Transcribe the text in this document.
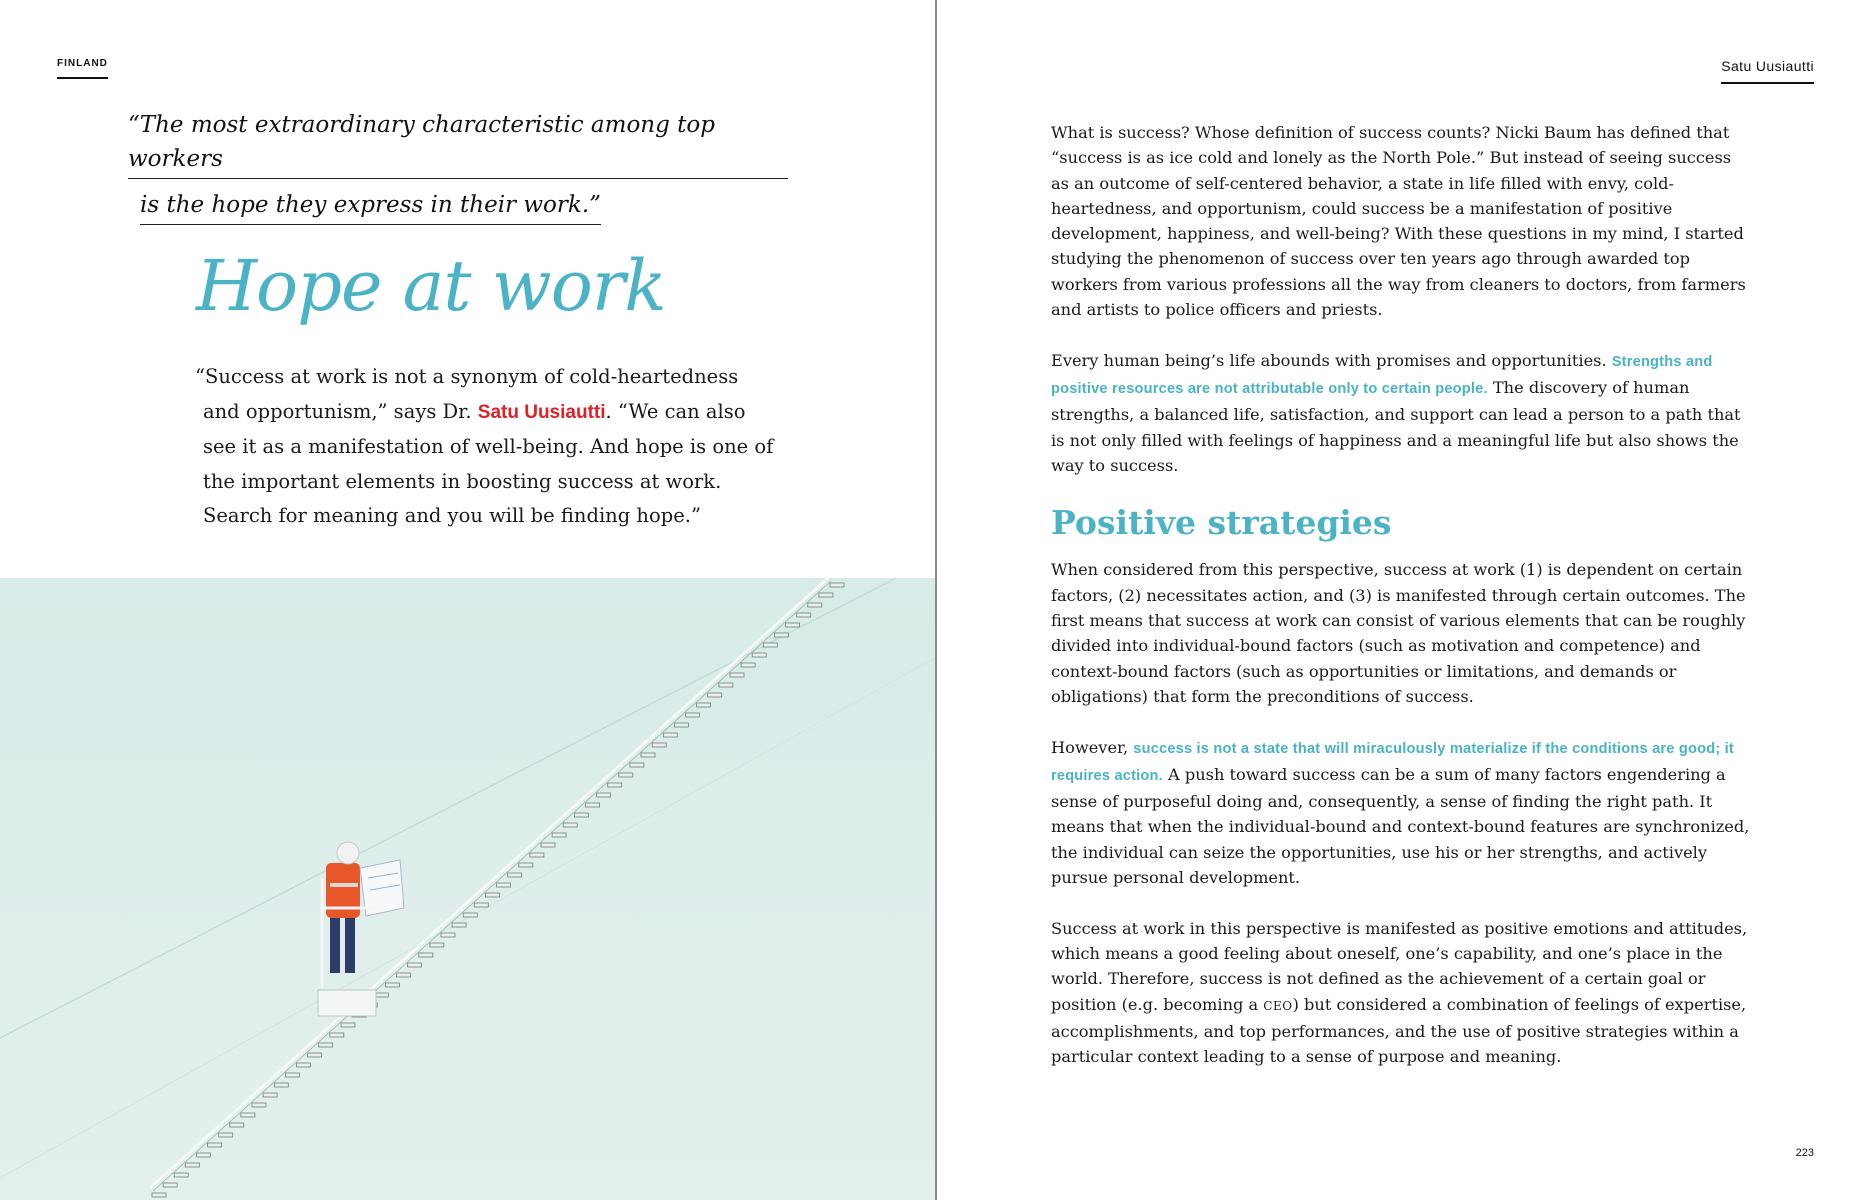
FINLAND
“The most extraordinary characteristic among top workers
is the hope they express in their work.”
Hope at work
“Success at work is not a synonym of cold-heartedness
and opportunism,” says Dr. Satu Uusiautti. “We can also
see it as a manifestation of well-being. And hope is one of
the important elements in boosting success at work.
Search for meaning and you will be finding hope.”
Satu Uusiautti

What is success? Whose definition of success counts? Nicki Baum has defined that “success is as ice cold and lonely as the North Pole.” But instead of seeing success as an outcome of self-centered behavior, a state in life filled with envy, cold-heartedness, and opportunism, could success be a manifestation of positive development, happiness, and well-being? With these questions in my mind, I started studying the phenomenon of success over ten years ago through awarded top workers from various professions all the way from cleaners to doctors, from farmers and artists to police officers and priests.

Every human being’s life abounds with promises and opportunities. Strengths and positive resources are not attributable only to certain people. The discovery of human strengths, a balanced life, satisfaction, and support can lead a person to a path that is not only filled with feelings of happiness and a meaningful life but also shows the way to success.

Positive strategies

When considered from this perspective, success at work (1) is dependent on certain factors, (2) necessitates action, and (3) is manifested through certain outcomes. The first means that success at work can consist of various elements that can be roughly divided into individual-bound factors (such as motivation and competence) and context-bound factors (such as opportunities or limitations, and demands or obligations) that form the preconditions of success.

However, success is not a state that will miraculously materialize if the conditions are good; it requires action. A push toward success can be a sum of many factors engendering a sense of purposeful doing and, consequently, a sense of finding the right path. It means that when the individual-bound and context-bound features are synchronized, the individual can seize the opportunities, use his or her strengths, and actively pursue personal development.

Success at work in this perspective is manifested as positive emotions and attitudes, which means a good feeling about oneself, one’s capability, and one’s place in the world. Therefore, success is not defined as the achievement of a certain goal or position (e.g. becoming a CEO) but considered a combination of feelings of expertise, accomplishments, and top performances, and the use of positive strategies within a particular context leading to a sense of purpose and meaning.

223
